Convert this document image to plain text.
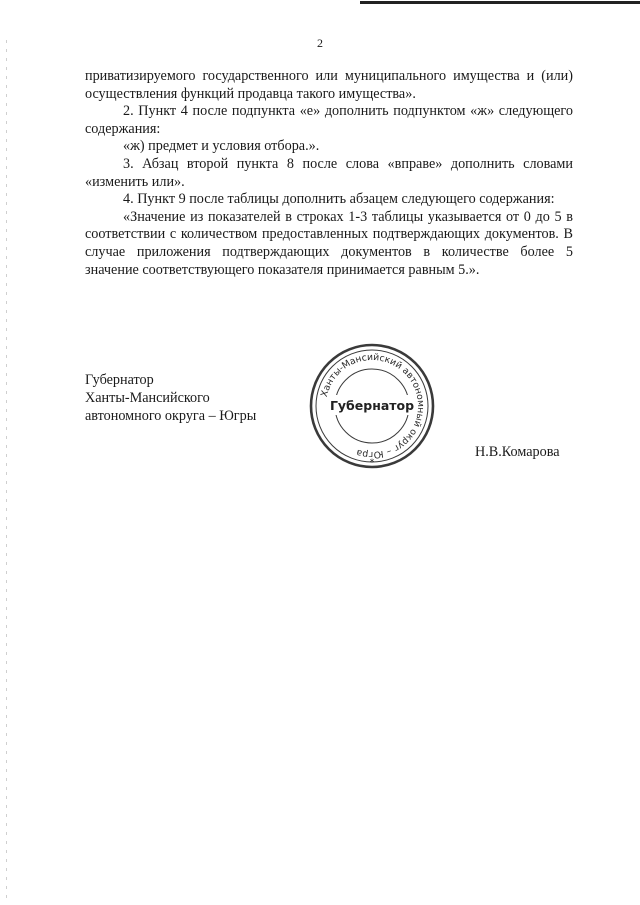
2

приватизируемого государственного или муниципального имущества и (или) осуществления функций продавца такого имущества».

2. Пункт 4 после подпункта «е» дополнить подпунктом «ж» следующего содержания:

«ж) предмет и условия отбора.».

3. Абзац второй пункта 8 после слова «вправе» дополнить словами «изменить или».

4. Пункт 9 после таблицы дополнить абзацем следующего содержания:

«Значение из показателей в строках 1-3 таблицы указывается от 0 до 5 в соответствии с количеством предоставленных подтверждающих документов. В случае приложения подтверждающих документов в количестве более 5 значение соответствующего показателя принимается равным 5.».

Губернатор
Ханты-Мансийского
автономного округа – Югры
Ханты-Мансийский автономный округ – Югра
Губернатор
*
Н.В.Комарова
